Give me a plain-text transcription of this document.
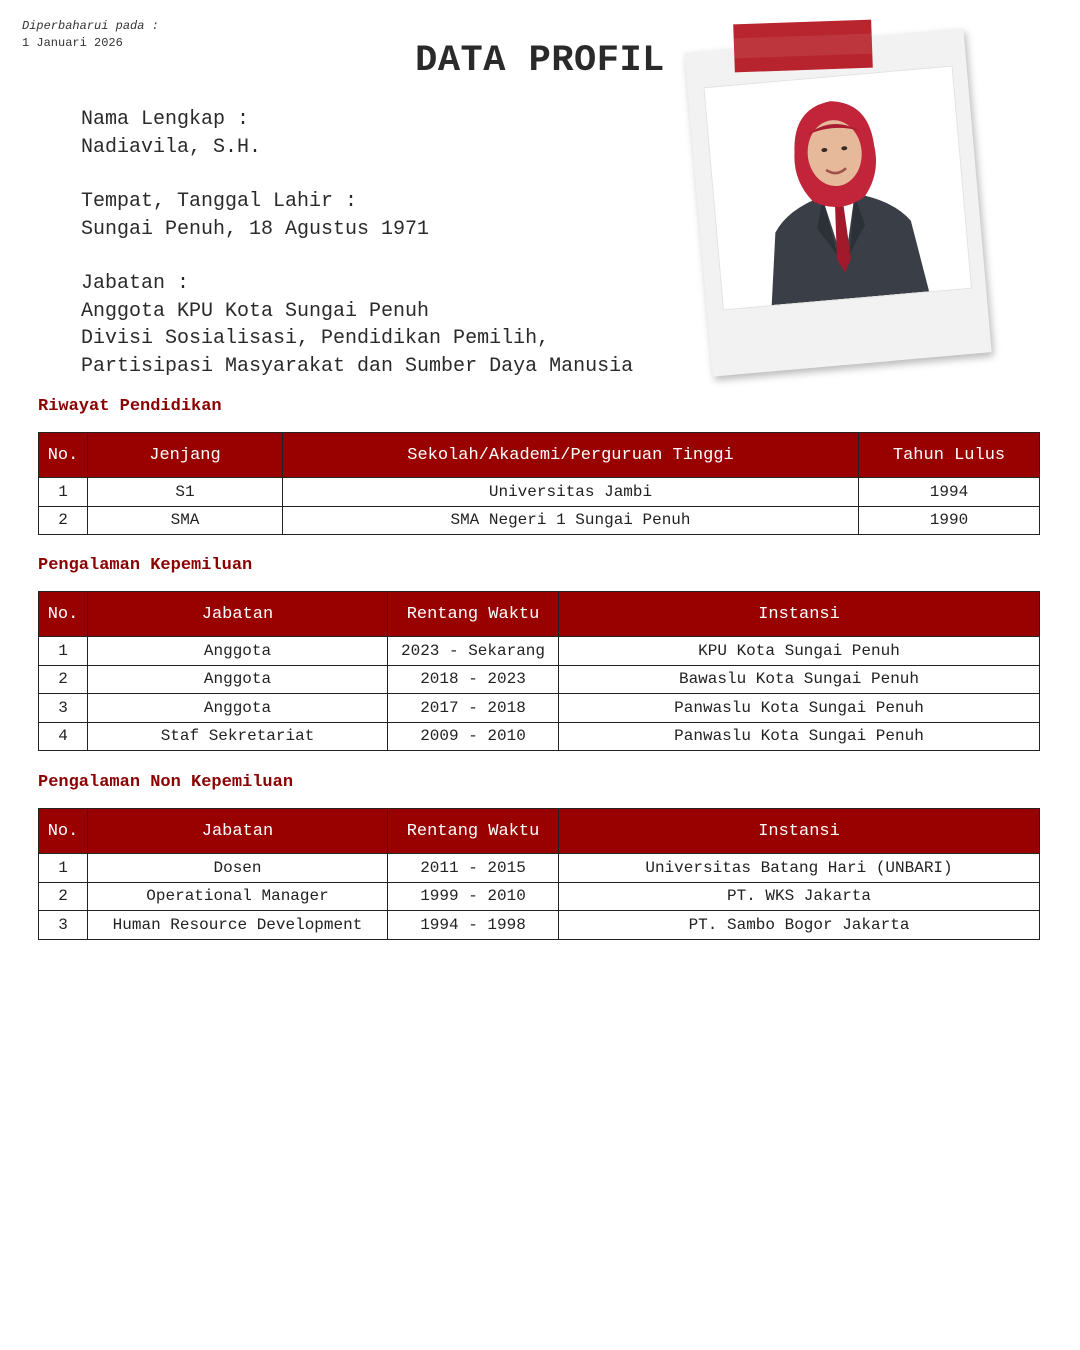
Diperbaharui pada :
1 Januari 2026	DATA PROFIL
Nama Lengkap :
Nadiavila, S.H.
Tempat, Tanggal Lahir :
Sungai Penuh, 18 Agustus 1971
Jabatan :
Anggota KPU Kota Sungai Penuh
Divisi Sosialisasi, Pendidikan Pemilih,
Partisipasi Masyarakat dan Sumber Daya Manusia
Riwayat Pendidikan
No.	Jenjang	Sekolah/Akademi/Perguruan Tinggi	Tahun Lulus
1	S1	Universitas Jambi	1994
2	SMA	SMA Negeri 1 Sungai Penuh	1990
Pengalaman Kepemiluan
No.	Jabatan	Rentang Waktu	Instansi
1	Anggota	2023 - Sekarang	KPU Kota Sungai Penuh
2	Anggota	2018 - 2023	Bawaslu Kota Sungai Penuh
3	Anggota	2017 - 2018	Panwaslu Kota Sungai Penuh
4	Staf Sekretariat	2009 - 2010	Panwaslu Kota Sungai Penuh
Pengalaman Non Kepemiluan
No.	Jabatan	Rentang Waktu	Instansi
1	Dosen	2011 - 2015	Universitas Batang Hari (UNBARI)
2	Operational Manager	1999 - 2010	PT. WKS Jakarta
3	Human Resource Development	1994 - 1998	PT. Sambo Bogor Jakarta
